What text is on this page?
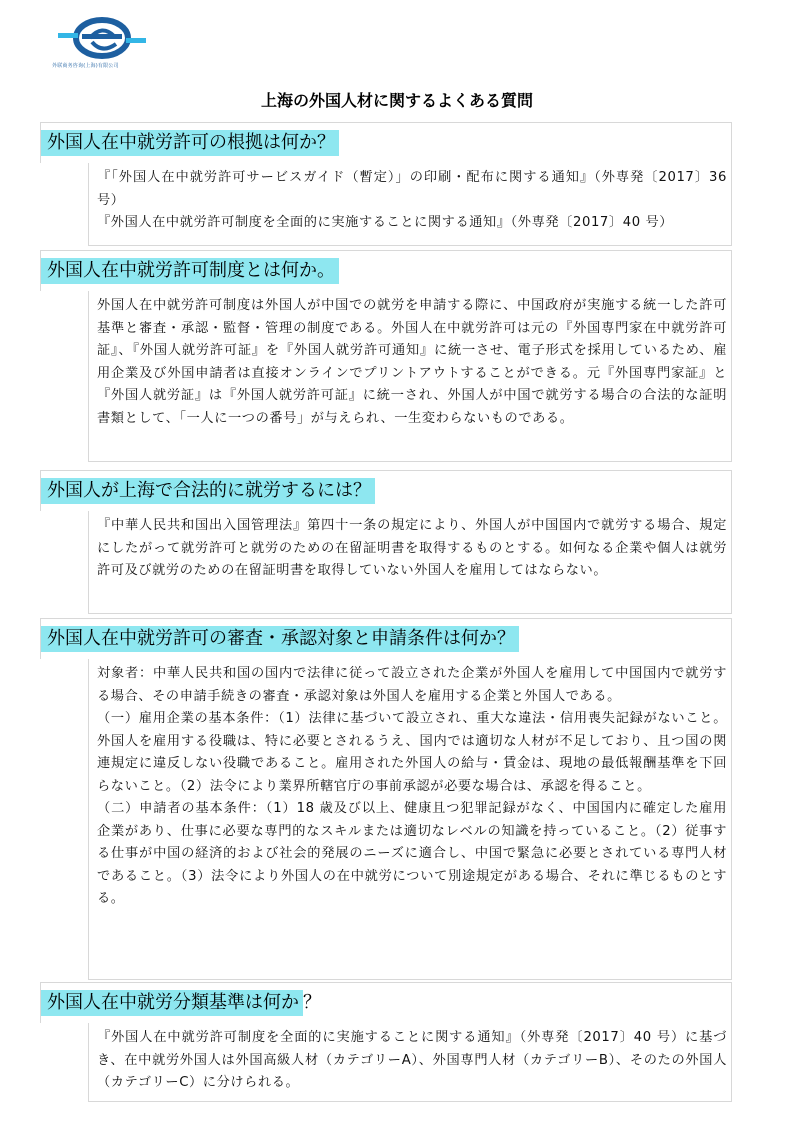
外联商务咨询(上海)有限公司
上海の外国人材に関するよくある質問
外国人在中就労許可の根拠は何か？

『「外国人在中就労許可サービスガイド（暫定）」の印刷・配布に関する通知』（外専発〔2017〕36 号）

『外国人在中就労許可制度を全面的に実施することに関する通知』（外専発〔2017〕40 号）

外国人在中就労許可制度とは何か。

外国人在中就労許可制度は外国人が中国での就労を申請する際に、中国政府が実施する統一した許可基準と審査・承認・監督・管理の制度である。外国人在中就労許可は元の『外国専門家在中就労許可証』、『外国人就労許可証』を『外国人就労許可通知』に統一させ、電子形式を採用しているため、雇用企業及び外国申請者は直接オンラインでプリントアウトすることができる。元『外国専門家証』と『外国人就労証』は『外国人就労許可証』に統一され、外国人が中国で就労する場合の合法的な証明書類として、「一人に一つの番号」が与えられ、一生変わらないものである。

外国人が上海で合法的に就労するには？

『中華人民共和国出入国管理法』第四十一条の規定により、外国人が中国国内で就労する場合、規定にしたがって就労許可と就労のための在留証明書を取得するものとする。如何なる企業や個人は就労許可及び就労のための在留証明書を取得していない外国人を雇用してはならない。

外国人在中就労許可の審査・承認対象と申請条件は何か？

対象者：中華人民共和国の国内で法律に従って設立された企業が外国人を雇用して中国国内で就労する場合、その申請手続きの審査・承認対象は外国人を雇用する企業と外国人である。

（一）雇用企業の基本条件：（1）法律に基づいて設立され、重大な違法・信用喪失記録がないこと。外国人を雇用する役職は、特に必要とされるうえ、国内では適切な人材が不足しており、且つ国の関連規定に違反しない役職であること。雇用された外国人の給与・賃金は、現地の最低報酬基準を下回らないこと。（2）法令により業界所轄官庁の事前承認が必要な場合は、承認を得ること。

（二）申請者の基本条件：（1）18 歳及び以上、健康且つ犯罪記録がなく、中国国内に確定した雇用企業があり、仕事に必要な専門的なスキルまたは適切なレベルの知識を持っていること。（2）従事する仕事が中国の経済的および社会的発展のニーズに適合し、中国で緊急に必要とされている専門人材であること。（3）法令により外国人の在中就労について別途規定がある場合、それに準じるものとする。

外国人在中就労分類基準は何か ？

『外国人在中就労許可制度を全面的に実施することに関する通知』（外専発〔2017〕40 号）に基づき、在中就労外国人は外国高級人材（カテゴリーA）、外国専門人材（カテゴリーB）、そのたの外国人（カテゴリーC）に分けられる。
